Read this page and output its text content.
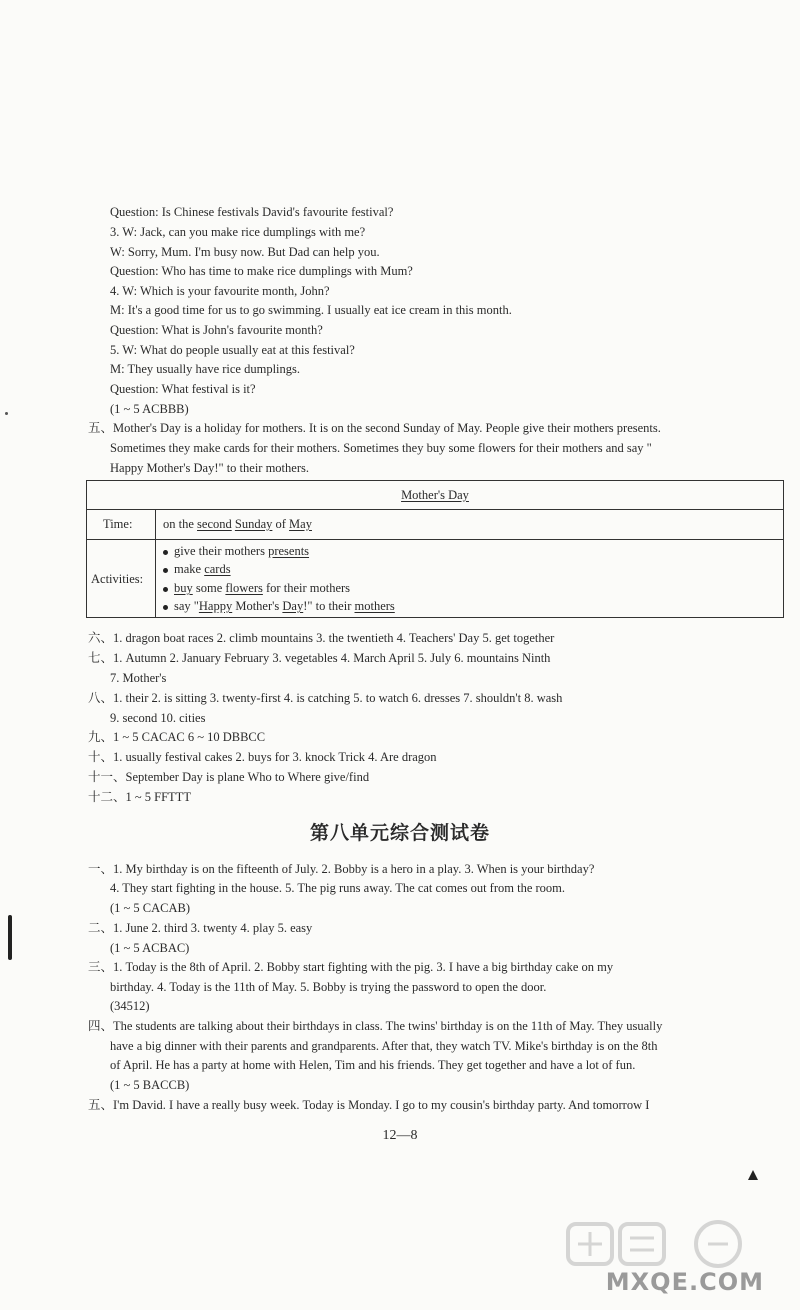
Question: Is Chinese festivals David's favourite festival?
3. W: Jack, can you make rice dumplings with me?
W: Sorry, Mum. I'm busy now. But Dad can help you.
Question: Who has time to make rice dumplings with Mum?
4. W: Which is your favourite month, John?
M: It's a good time for us to go swimming. I usually eat ice cream in this month.
Question: What is John's favourite month?
5. W: What do people usually eat at this festival?
M: They usually have rice dumplings.
Question: What festival is it?
(1 ~ 5 ACBBB)
五、Mother's Day is a holiday for mothers. It is on the second Sunday of May. People give their mothers presents.
Sometimes they make cards for their mothers. Sometimes they buy some flowers for their mothers and say "
Happy Mother's Day!" to their mothers.
Mother's Day
Time: on the second Sunday of May
Activities:
give their mothers presents
make cards
buy some flowers for their mothers
say "Happy Mother's Day!" to their mothers
六、1. dragon boat races 2. climb mountains 3. the twentieth 4. Teachers' Day 5. get together
七、1. Autumn 2. January February 3. vegetables 4. March April 5. July 6. mountains Ninth
7. Mother's
八、1. their 2. is sitting 3. twenty-first 4. is catching 5. to watch 6. dresses 7. shouldn't 8. wash
9. second 10. cities
九、1 ~ 5 CACAC 6 ~ 10 DBBCC
十、1. usually festival cakes 2. buys for 3. knock Trick 4. Are dragon
十一、September Day is plane Who to Where give/find
十二、1 ~ 5 FFTTT
第八单元综合测试卷
一、1. My birthday is on the fifteenth of July. 2. Bobby is a hero in a play. 3. When is your birthday?
4. They start fighting in the house. 5. The pig runs away. The cat comes out from the room.
(1 ~ 5 CACAB)
二、1. June 2. third 3. twenty 4. play 5. easy
(1 ~ 5 ACBAC)
三、1. Today is the 8th of April. 2. Bobby start fighting with the pig. 3. I have a big birthday cake on my
birthday. 4. Today is the 11th of May. 5. Bobby is trying the password to open the door.
(34512)
四、The students are talking about their birthdays in class. The twins' birthday is on the 11th of May. They usually
have a big dinner with their parents and grandparents. After that, they watch TV. Mike's birthday is on the 8th
of April. He has a party at home with Helen, Tim and his friends. They get together and have a lot of fun.
(1 ~ 5 BACCB)
五、I'm David. I have a really busy week. Today is Monday. I go to my cousin's birthday party. And tomorrow I
12—8
MXQE.COM
